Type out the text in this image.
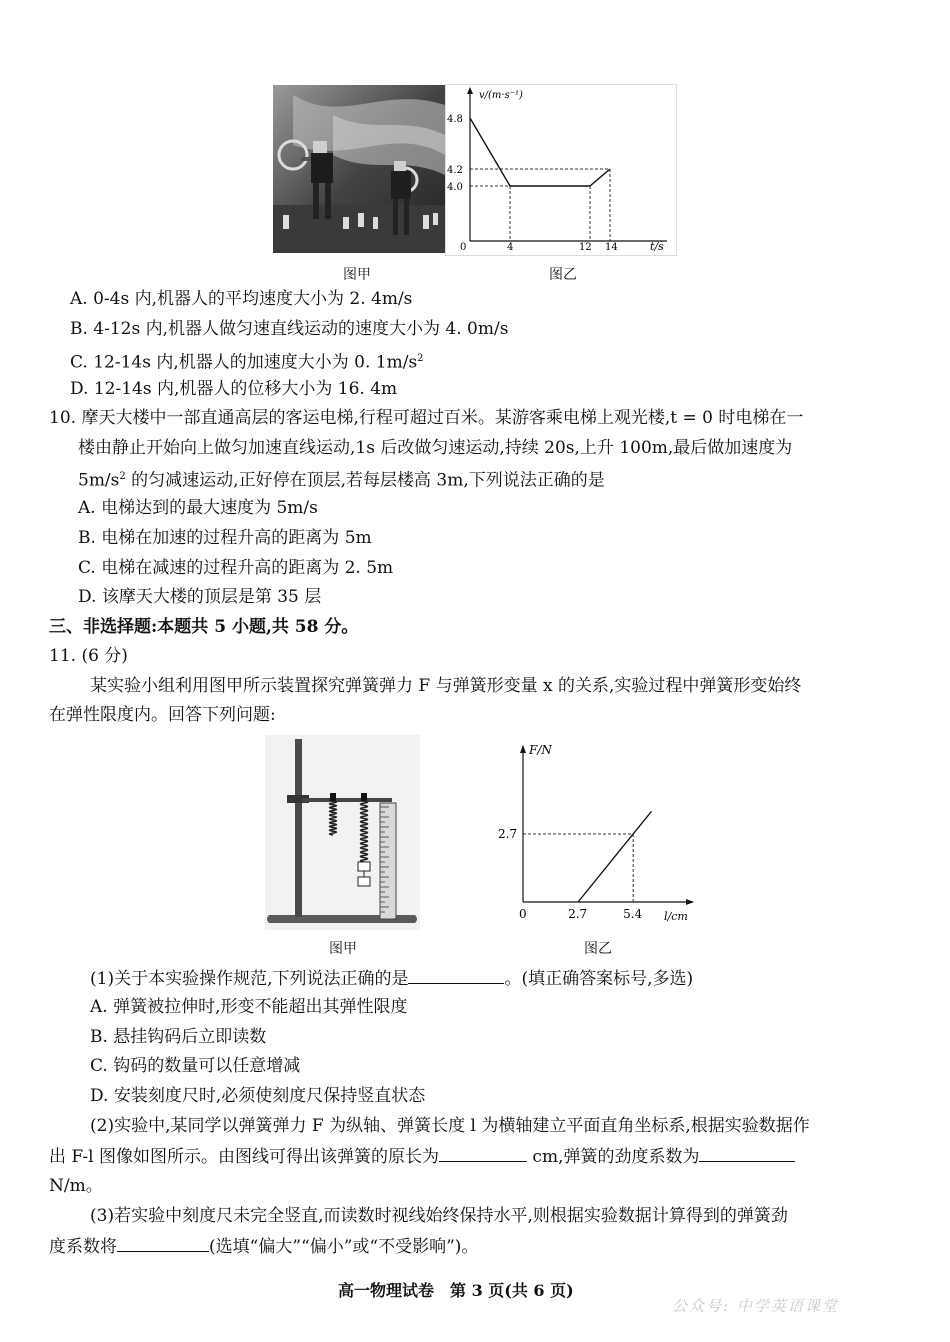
图甲
v/(m·s⁻¹)
t/s
0
4.8
4.2
4.0
4	12 14
图乙
A. 0-4s 内,机器人的平均速度大小为 2. 4m/s
B. 4-12s 内,机器人做匀速直线运动的速度大小为 4. 0m/s
C. 12-14s 内,机器人的加速度大小为 0. $1m/s^2$
D. 12-14s 内,机器人的位移大小为 16. 4m
10. 摩天大楼中一部直通高层的客运电梯,行程可超过百米。某游客乘电梯上观光楼,t = 0 时电梯在一
楼由静止开始向上做匀加速直线运动,1s 后改做匀速运动,持续 20s,上升 100m,最后做加速度为
$5m/s^2$ 的匀减速运动,正好停在顶层,若每层楼高 3m,下列说法正确的是
A. 电梯达到的最大速度为 5m/s
B. 电梯在加速的过程升高的距离为 5m
C. 电梯在减速的过程升高的距离为 2. 5m
D. 该摩天大楼的顶层是第 35 层
三、非选择题:本题共 5 小题,共 58 分。
11. (6 分)
某实验小组利用图甲所示装置探究弹簧弹力 F 与弹簧形变量 x 的关系,实验过程中弹簧形变始终
在弹性限度内。回答下列问题:
图甲
F/N
l/cm
0	2.7	5.4
2.7
图乙
(1)关于本实验操作规范,下列说法正确的是	。(填正确答案标号,多选)
A. 弹簧被拉伸时,形变不能超出其弹性限度
B. 悬挂钩码后立即读数
C. 钩码的数量可以任意增减
D. 安装刻度尺时,必须使刻度尺保持竖直状态
(2)实验中,某同学以弹簧弹力 F 为纵轴、弹簧长度 l 为横轴建立平面直角坐标系,根据实验数据作
出 F-l 图像如图所示。由图线可得出该弹簧的原长为	cm,弹簧的劲度系数为
N/m。
(3)若实验中刻度尺未完全竖直,而读数时视线始终保持水平,则根据实验数据计算得到的弹簧劲
度系数将	(选填“偏大”“偏小”或“不受影响”)。
高一物理试卷　第 3 页(共 6 页)
公众号: 中学英语课堂
